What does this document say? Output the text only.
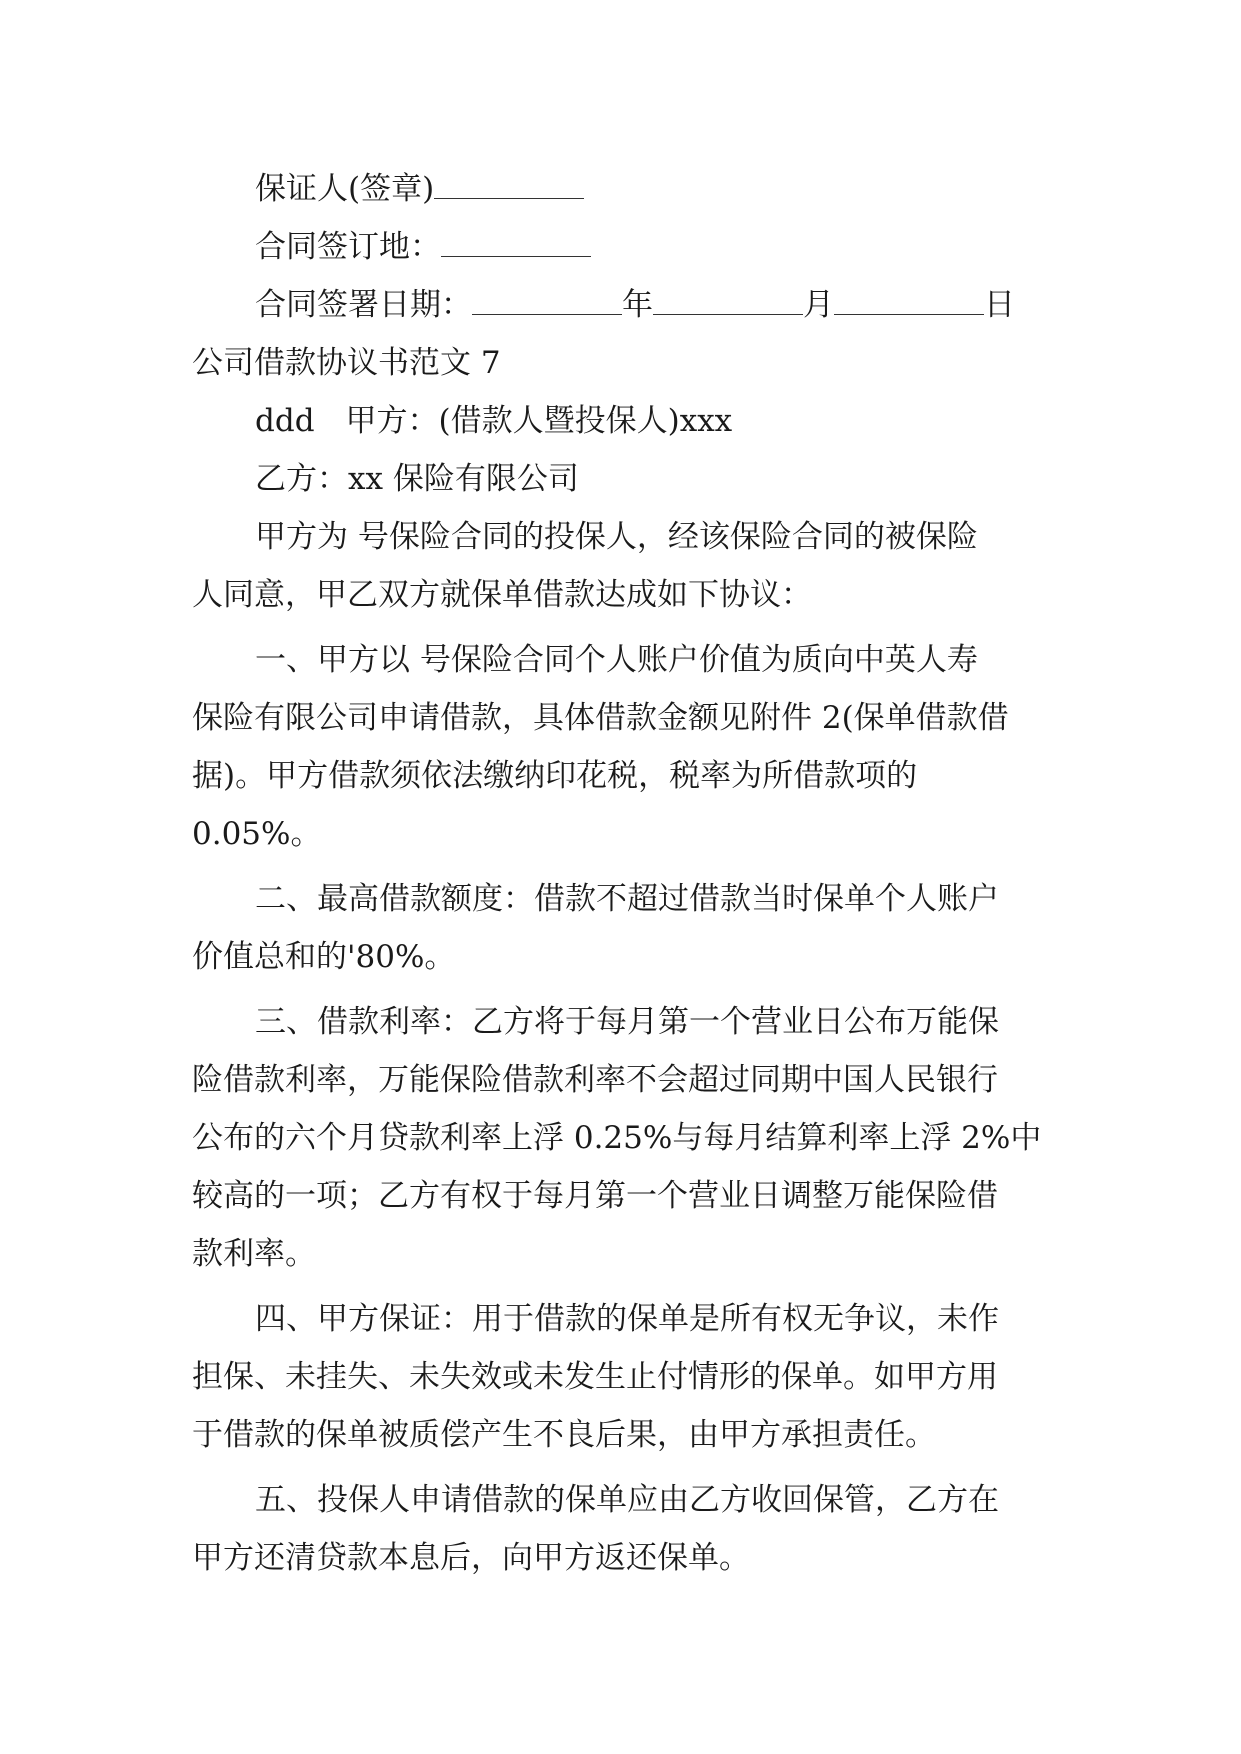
保证人(签章)
合同签订地：
合同签署日期：	年	月	日
公司借款协议书范文 7
ddd　甲方：(借款人暨投保人)xxx
乙方：xx 保险有限公司
甲方为 号保险合同的投保人，经该保险合同的被保险
人同意，甲乙双方就保单借款达成如下协议：
一、甲方以 号保险合同个人账户价值为质向中英人寿
保险有限公司申请借款，具体借款金额见附件 2(保单借款借
据)。甲方借款须依法缴纳印花税，税率为所借款项的
0.05%。
二、最高借款额度：借款不超过借款当时保单个人账户
价值总和的'80%。
三、借款利率：乙方将于每月第一个营业日公布万能保
险借款利率，万能保险借款利率不会超过同期中国人民银行
公布的六个月贷款利率上浮 0.25%与每月结算利率上浮 2%中
较高的一项；乙方有权于每月第一个营业日调整万能保险借
款利率。
四、甲方保证：用于借款的保单是所有权无争议，未作
担保、未挂失、未失效或未发生止付情形的保单。如甲方用
于借款的保单被质偿产生不良后果，由甲方承担责任。
五、投保人申请借款的保单应由乙方收回保管，乙方在
甲方还清贷款本息后，向甲方返还保单。
